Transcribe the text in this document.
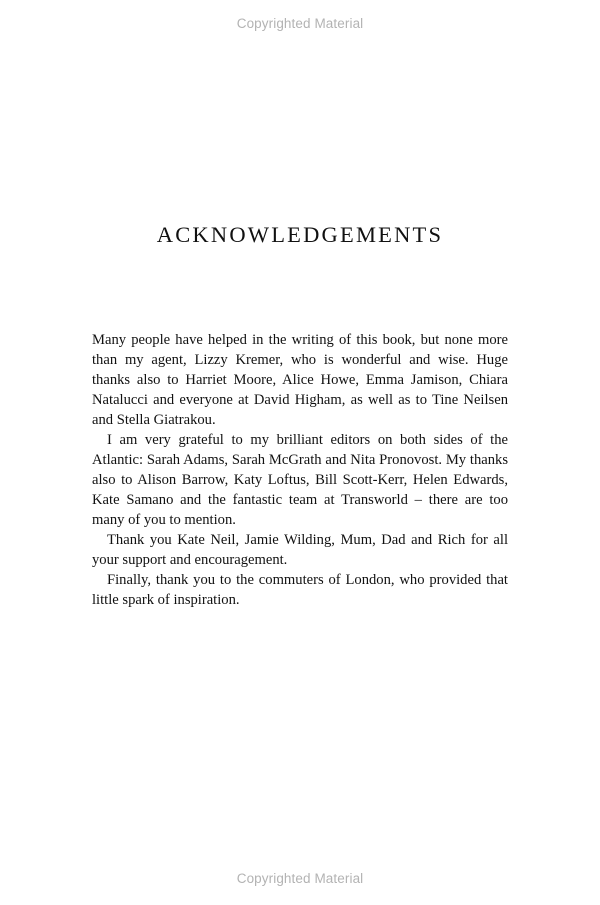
Copyrighted Material
ACKNOWLEDGEMENTS

Many people have helped in the writing of this book, but none more than my agent, Lizzy Kremer, who is wonderful and wise. Huge thanks also to Harriet Moore, Alice Howe, Emma Jamison, Chiara Natalucci and everyone at David Higham, as well as to Tine Neilsen and Stella Giatrakou.

I am very grateful to my brilliant editors on both sides of the Atlantic: Sarah Adams, Sarah McGrath and Nita Pronovost. My thanks also to Alison Barrow, Katy Loftus, Bill Scott-Kerr, Helen Edwards, Kate Samano and the fantastic team at Transworld – there are too many of you to mention.

Thank you Kate Neil, Jamie Wilding, Mum, Dad and Rich for all your support and encouragement.

Finally, thank you to the commuters of London, who provided that little spark of inspiration.

Copyrighted Material
